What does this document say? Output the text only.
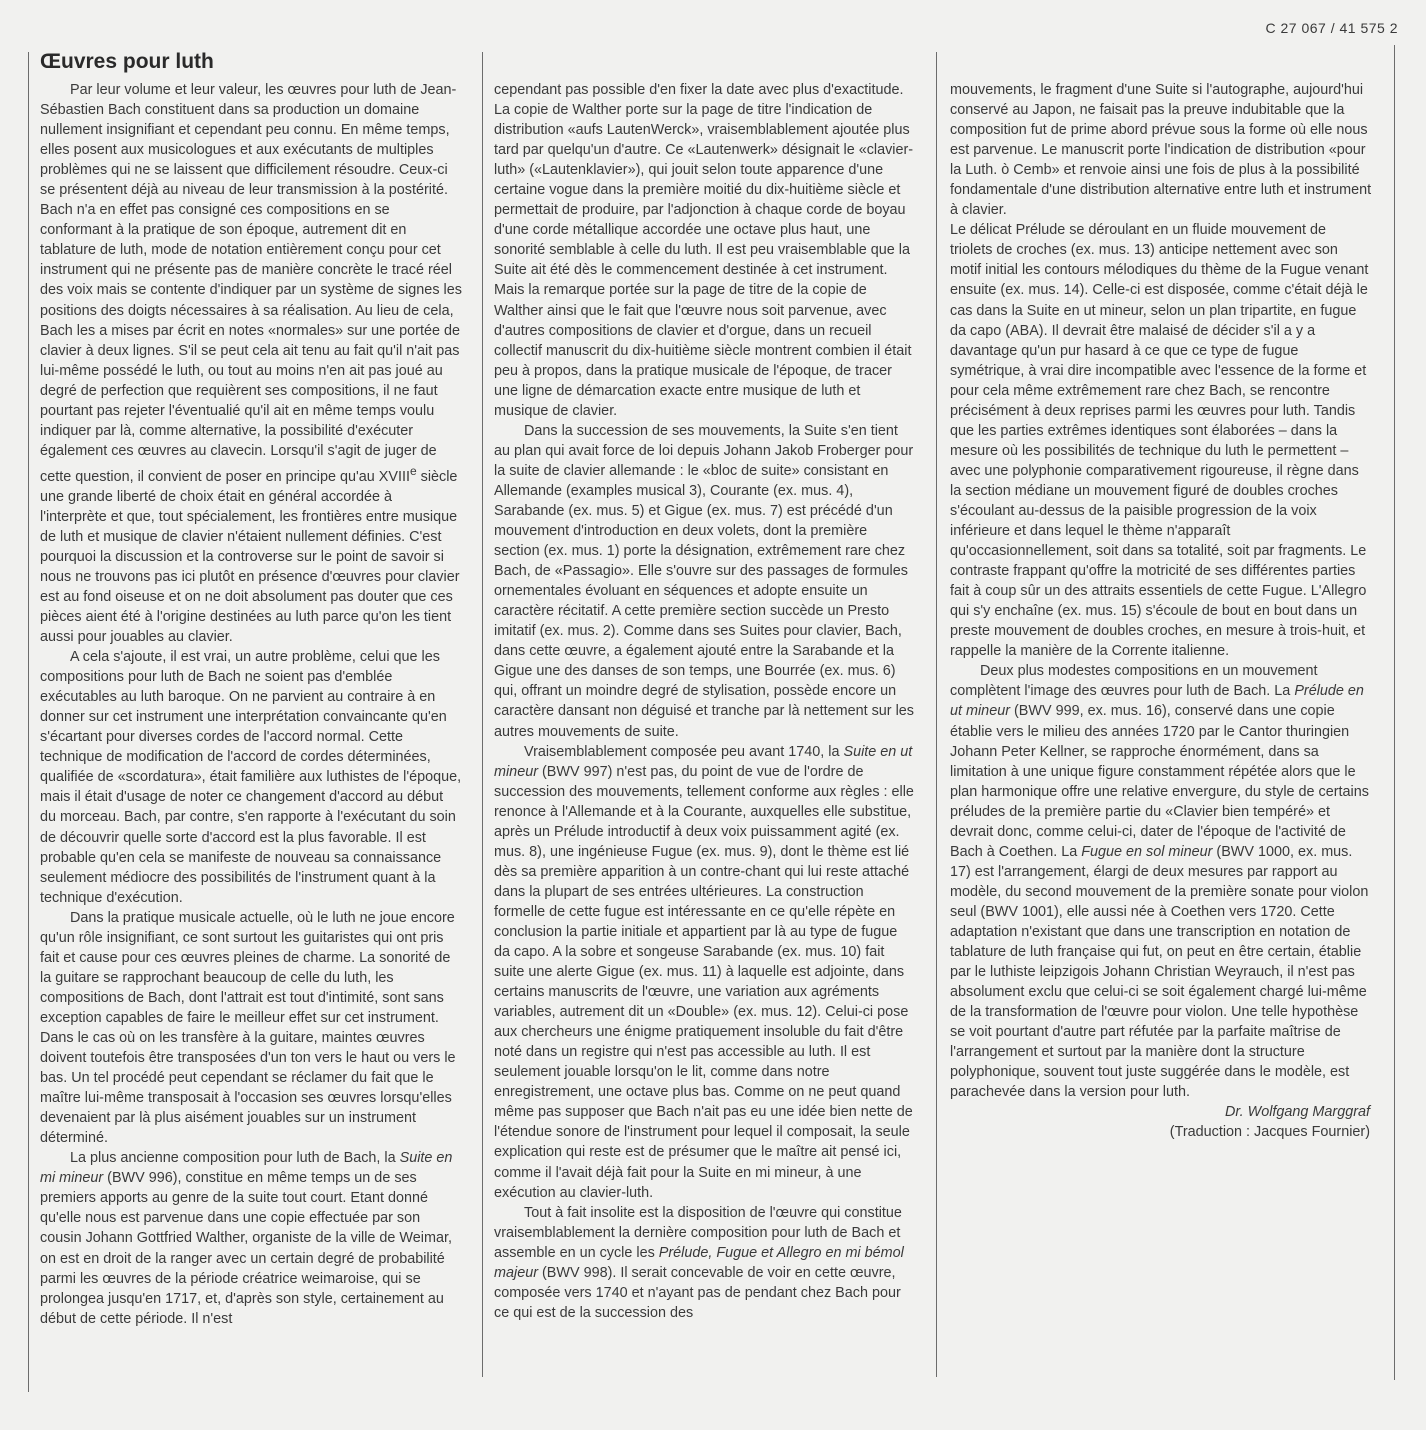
C 27 067 / 41 575 2
Œuvres pour luth

Par leur volume et leur valeur, les œuvres pour luth de Jean-Sébastien Bach constituent dans sa production un domaine nullement insignifiant et cependant peu connu. En même temps, elles posent aux musicologues et aux exécutants de multiples problèmes qui ne se laissent que difficilement résoudre. Ceux-ci se présentent déjà au niveau de leur transmission à la postérité. Bach n'a en effet pas consigné ces compositions en se conformant à la pratique de son époque, autrement dit en tablature de luth, mode de notation entièrement conçu pour cet instrument qui ne présente pas de manière concrète le tracé réel des voix mais se contente d'indiquer par un système de signes les positions des doigts nécessaires à sa réalisation. Au lieu de cela, Bach les a mises par écrit en notes «normales» sur une portée de clavier à deux lignes. S'il se peut cela ait tenu au fait qu'il n'ait pas lui-même possédé le luth, ou tout au moins n'en ait pas joué au degré de perfection que requièrent ses compositions, il ne faut pourtant pas rejeter l'éventualié qu'il ait en même temps voulu indiquer par là, comme alternative, la possibilité d'exécuter également ces œuvres au clavecin. Lorsqu'il s'agit de juger de cette question, il convient de poser en principe qu'au XVIIIe siècle une grande liberté de choix était en général accordée à l'interprète et que, tout spécialement, les frontières entre musique de luth et musique de clavier n'étaient nullement définies. C'est pourquoi la discussion et la controverse sur le point de savoir si nous ne trouvons pas ici plutôt en présence d'œuvres pour clavier est au fond oiseuse et on ne doit absolument pas douter que ces pièces aient été à l'origine destinées au luth parce qu'on les tient aussi pour jouables au clavier.

A cela s'ajoute, il est vrai, un autre problème, celui que les compositions pour luth de Bach ne soient pas d'emblée exécutables au luth baroque. On ne parvient au contraire à en donner sur cet instrument une interprétation convaincante qu'en s'écartant pour diverses cordes de l'accord normal. Cette technique de modification de l'accord de cordes déterminées, qualifiée de «scordatura», était familière aux luthistes de l'époque, mais il était d'usage de noter ce changement d'accord au début du morceau. Bach, par contre, s'en rapporte à l'exécutant du soin de découvrir quelle sorte d'accord est la plus favorable. Il est probable qu'en cela se manifeste de nouveau sa connaissance seulement médiocre des possibilités de l'instrument quant à la technique d'exécution.

Dans la pratique musicale actuelle, où le luth ne joue encore qu'un rôle insignifiant, ce sont surtout les guitaristes qui ont pris fait et cause pour ces œuvres pleines de charme. La sonorité de la guitare se rapprochant beaucoup de celle du luth, les compositions de Bach, dont l'attrait est tout d'intimité, sont sans exception capables de faire le meilleur effet sur cet instrument. Dans le cas où on les transfère à la guitare, maintes œuvres doivent toutefois être transposées d'un ton vers le haut ou vers le bas. Un tel procédé peut cependant se réclamer du fait que le maître lui-même transposait à l'occasion ses œuvres lorsqu'elles devenaient par là plus aisément jouables sur un instrument déterminé.

La plus ancienne composition pour luth de Bach, la Suite en mi mineur (BWV 996), constitue en même temps un de ses premiers apports au genre de la suite tout court. Etant donné qu'elle nous est parvenue dans une copie effectuée par son cousin Johann Gottfried Walther, organiste de la ville de Weimar, on est en droit de la ranger avec un certain degré de probabilité parmi les œuvres de la période créatrice weimaroise, qui se prolongea jusqu'en 1717, et, d'après son style, certainement au début de cette période. Il n'est

cependant pas possible d'en fixer la date avec plus d'exactitude. La copie de Walther porte sur la page de titre l'indication de distribution «aufs LautenWerck», vraisemblablement ajoutée plus tard par quelqu'un d'autre. Ce «Lautenwerk» désignait le «clavier-luth» («Lautenklavier»), qui jouit selon toute apparence d'une certaine vogue dans la première moitié du dix-huitième siècle et permettait de produire, par l'adjonction à chaque corde de boyau d'une corde métallique accordée une octave plus haut, une sonorité semblable à celle du luth. Il est peu vraisemblable que la Suite ait été dès le commencement destinée à cet instrument. Mais la remarque portée sur la page de titre de la copie de Walther ainsi que le fait que l'œuvre nous soit parvenue, avec d'autres compositions de clavier et d'orgue, dans un recueil collectif manuscrit du dix-huitième siècle montrent combien il était peu à propos, dans la pratique musicale de l'époque, de tracer une ligne de démarcation exacte entre musique de luth et musique de clavier.

Dans la succession de ses mouvements, la Suite s'en tient au plan qui avait force de loi depuis Johann Jakob Froberger pour la suite de clavier allemande : le «bloc de suite» consistant en Allemande (examples musical 3), Courante (ex. mus. 4), Sarabande (ex. mus. 5) et Gigue (ex. mus. 7) est précédé d'un mouvement d'introduction en deux volets, dont la première section (ex. mus. 1) porte la désignation, extrêmement rare chez Bach, de «Passagio». Elle s'ouvre sur des passages de formules ornementales évoluant en séquences et adopte ensuite un caractère récitatif. A cette première section succède un Presto imitatif (ex. mus. 2). Comme dans ses Suites pour clavier, Bach, dans cette œuvre, a également ajouté entre la Sarabande et la Gigue une des danses de son temps, une Bourrée (ex. mus. 6) qui, offrant un moindre degré de stylisation, possède encore un caractère dansant non déguisé et tranche par là nettement sur les autres mouvements de suite.

Vraisemblablement composée peu avant 1740, la Suite en ut mineur (BWV 997) n'est pas, du point de vue de l'ordre de succession des mouvements, tellement conforme aux règles : elle renonce à l'Allemande et à la Courante, auxquelles elle substitue, après un Prélude introductif à deux voix puissamment agité (ex. mus. 8), une ingénieuse Fugue (ex. mus. 9), dont le thème est lié dès sa première apparition à un contre-chant qui lui reste attaché dans la plupart de ses entrées ultérieures. La construction formelle de cette fugue est intéressante en ce qu'elle répète en conclusion la partie initiale et appartient par là au type de fugue da capo. A la sobre et songeuse Sarabande (ex. mus. 10) fait suite une alerte Gigue (ex. mus. 11) à laquelle est adjointe, dans certains manuscrits de l'œuvre, une variation aux agréments variables, autrement dit un «Double» (ex. mus. 12). Celui-ci pose aux chercheurs une énigme pratiquement insoluble du fait d'être noté dans un registre qui n'est pas accessible au luth. Il est seulement jouable lorsqu'on le lit, comme dans notre enregistrement, une octave plus bas. Comme on ne peut quand même pas supposer que Bach n'ait pas eu une idée bien nette de l'étendue sonore de l'instrument pour lequel il composait, la seule explication qui reste est de présumer que le maître ait pensé ici, comme il l'avait déjà fait pour la Suite en mi mineur, à une exécution au clavier-luth.

Tout à fait insolite est la disposition de l'œuvre qui constitue vraisemblablement la dernière composition pour luth de Bach et assemble en un cycle les Prélude, Fugue et Allegro en mi bémol majeur (BWV 998). Il serait concevable de voir en cette œuvre, composée vers 1740 et n'ayant pas de pendant chez Bach pour ce qui est de la succession des

mouvements, le fragment d'une Suite si l'autographe, aujourd'hui conservé au Japon, ne faisait pas la preuve indubitable que la composition fut de prime abord prévue sous la forme où elle nous est parvenue. Le manuscrit porte l'indication de distribution «pour la Luth. ò Cemb» et renvoie ainsi une fois de plus à la possibilité fondamentale d'une distribution alternative entre luth et instrument à clavier.

Le délicat Prélude se déroulant en un fluide mouvement de triolets de croches (ex. mus. 13) anticipe nettement avec son motif initial les contours mélodiques du thème de la Fugue venant ensuite (ex. mus. 14). Celle-ci est disposée, comme c'était déjà le cas dans la Suite en ut mineur, selon un plan tripartite, en fugue da capo (ABA). Il devrait être malaisé de décider s'il a y a davantage qu'un pur hasard à ce que ce type de fugue symétrique, à vrai dire incompatible avec l'essence de la forme et pour cela même extrêmement rare chez Bach, se rencontre précisément à deux reprises parmi les œuvres pour luth. Tandis que les parties extrêmes identiques sont élaborées – dans la mesure où les possibilités de technique du luth le permettent – avec une polyphonie comparativement rigoureuse, il règne dans la section médiane un mouvement figuré de doubles croches s'écoulant au-dessus de la paisible progression de la voix inférieure et dans lequel le thème n'apparaît qu'occasionnellement, soit dans sa totalité, soit par fragments. Le contraste frappant qu'offre la motricité de ses différentes parties fait à coup sûr un des attraits essentiels de cette Fugue. L'Allegro qui s'y enchaîne (ex. mus. 15) s'écoule de bout en bout dans un preste mouvement de doubles croches, en mesure à trois-huit, et rappelle la manière de la Corrente italienne.

Deux plus modestes compositions en un mouvement complètent l'image des œuvres pour luth de Bach. La Prélude en ut mineur (BWV 999, ex. mus. 16), conservé dans une copie établie vers le milieu des années 1720 par le Cantor thuringien Johann Peter Kellner, se rapproche énormément, dans sa limitation à une unique figure constamment répétée alors que le plan harmonique offre une relative envergure, du style de certains préludes de la première partie du «Clavier bien tempéré» et devrait donc, comme celui-ci, dater de l'époque de l'activité de Bach à Coethen. La Fugue en sol mineur (BWV 1000, ex. mus. 17) est l'arrangement, élargi de deux mesures par rapport au modèle, du second mouvement de la première sonate pour violon seul (BWV 1001), elle aussi née à Coethen vers 1720. Cette adaptation n'existant que dans une transcription en notation de tablature de luth française qui fut, on peut en être certain, établie par le luthiste leipzigois Johann Christian Weyrauch, il n'est pas absolument exclu que celui-ci se soit également chargé lui-même de la transformation de l'œuvre pour violon. Une telle hypothèse se voit pourtant d'autre part réfutée par la parfaite maîtrise de l'arrangement et surtout par la manière dont la structure polyphonique, souvent tout juste suggérée dans le modèle, est parachevée dans la version pour luth.

Dr. Wolfgang Marggraf
(Traduction : Jacques Fournier)
